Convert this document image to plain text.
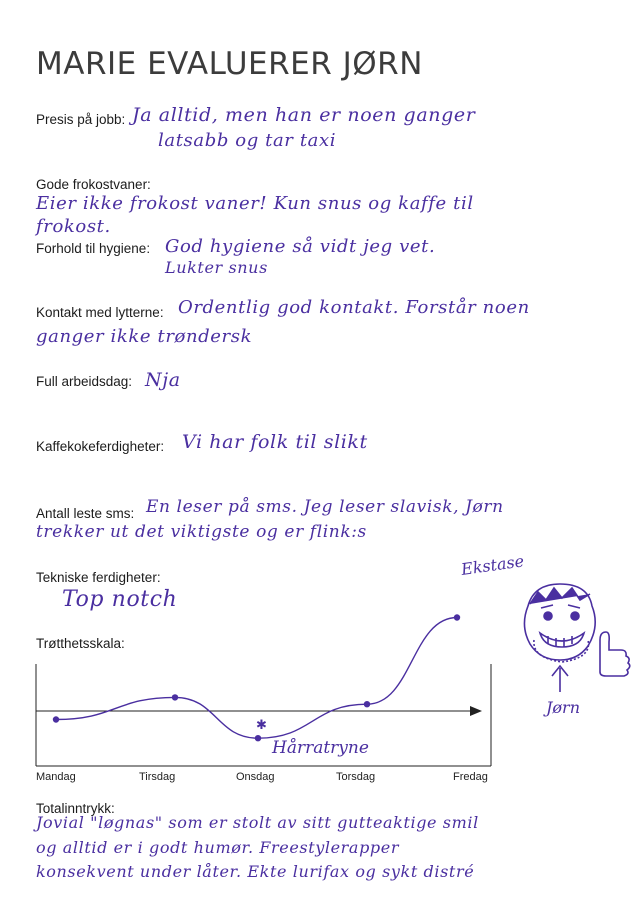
MARIE EVALUERER JØRN
Presis på jobb: Ja alltid, men han er noen ganger
latsabb og tar taxi
Gode frokostvaner:
Eier ikke frokost vaner! Kun snus og kaffe til
frokost.
Forhold til hygienе: God hygiene så vidt jeg vet.
Lukter snus
Kontakt med lytterne: Ordentlig god kontakt. Forstår noen
ganger ikke trøndersk
Full arbeidsdag: Nja
Kaffekokeferdigheter: Vi har folk til slikt
Antall leste sms: En leser på sms. Jeg leser slavisk, Jørn
trekker ut det viktigste og er flink:s
Tekniske ferdigheter:
Top notch
Trøtthetsskala:
✱
Hårratryne
Ekstase
Jørn
Mandag	Tirsdag	Onsdag	Torsdag	Fredag
Totalinntrykk:
Jovial "løgnas" som er stolt av sitt gutteaktige smil
og alltid er i godt humør. Freestylerapper
konsekvent under låter. Ekte lurifax og sykt distré
